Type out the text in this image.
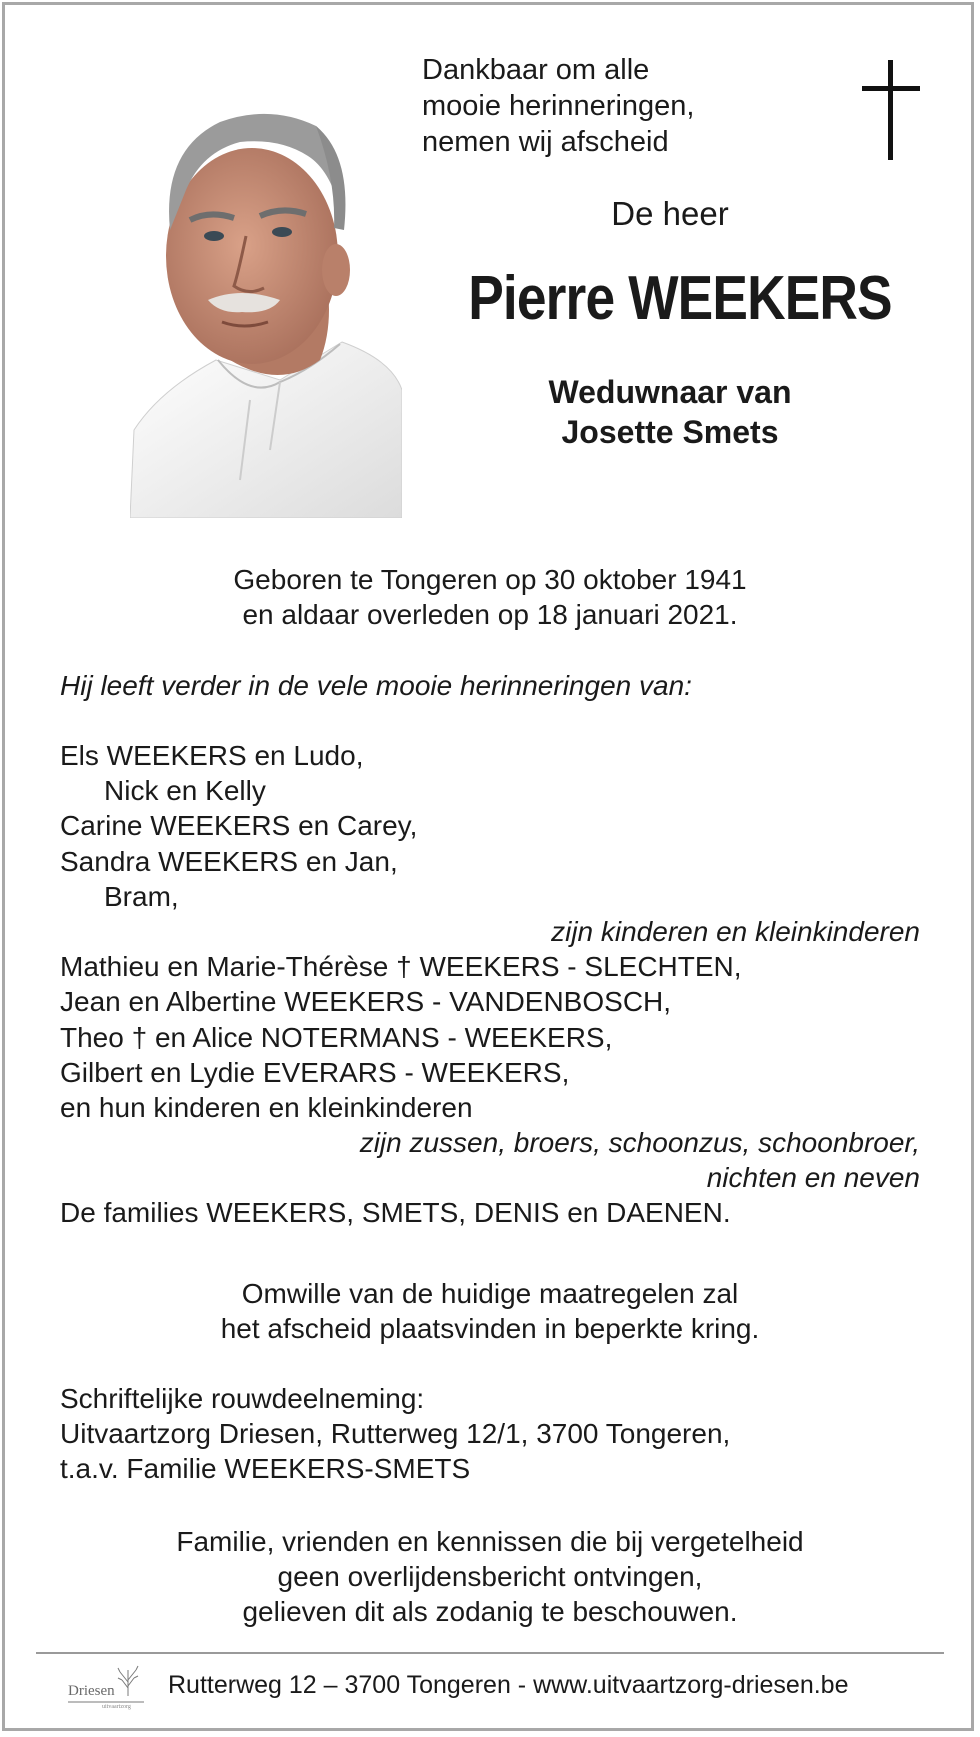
Dankbaar om alle
mooie herinneringen,
nemen wij afscheid
De heer
Pierre WEEKERS
Weduwnaar van
Josette Smets
Geboren te Tongeren op 30 oktober 1941
en aldaar overleden op 18 januari 2021.
Hij leeft verder in de vele mooie herinneringen van:
Els WEEKERS en Ludo,
Nick en Kelly
Carine WEEKERS en Carey,
Sandra WEEKERS en Jan,
Bram,
zijn kinderen en kleinkinderen
Mathieu en Marie-Thérèse † WEEKERS - SLECHTEN,
Jean en Albertine WEEKERS - VANDENBOSCH,
Theo † en Alice NOTERMANS - WEEKERS,
Gilbert en Lydie EVERARS - WEEKERS,
en hun kinderen en kleinkinderen
zijn zussen, broers, schoonzus, schoonbroer,
nichten en neven
De families WEEKERS, SMETS, DENIS en DAENEN.
Omwille van de huidige maatregelen zal
het afscheid plaatsvinden in beperkte kring.
Schriftelijke rouwdeelneming:
Uitvaartzorg Driesen, Rutterweg 12/1, 3700 Tongeren,
t.a.v. Familie WEEKERS-SMETS
Familie, vrienden en kennissen die bij vergetelheid
geen overlijdensbericht ontvingen,
gelieven dit als zodanig te beschouwen.
Driesen
uitvaartzorg
Rutterweg 12 – 3700 Tongeren - www.uitvaartzorg-driesen.be
